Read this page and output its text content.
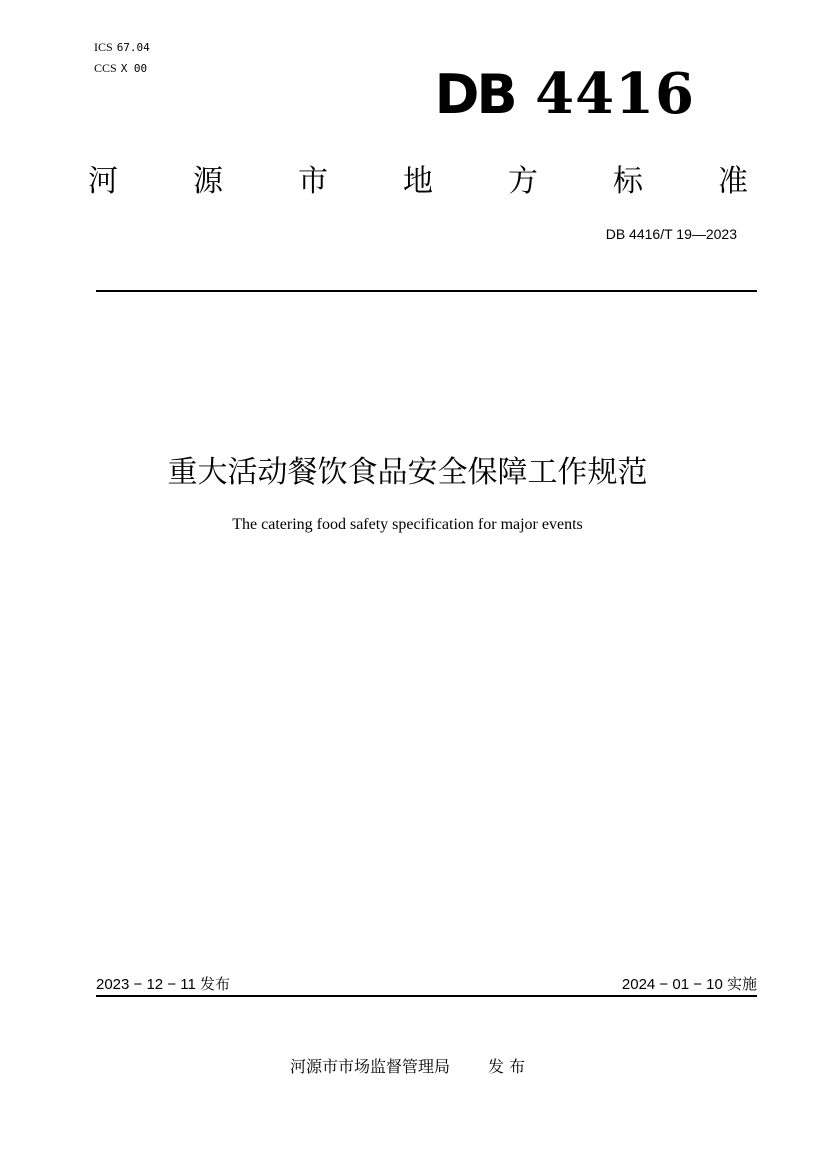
ICS 67.04
CCS X 00	DB 4416
河	源	市	地	方	标	准
DB 4416/T 19—2023
重大活动餐饮食品安全保障工作规范
The catering food safety specification for major events
2023 − 12 − 11 发布	2024 − 01 − 10 实施
河源市市场监督管理局 发 布
